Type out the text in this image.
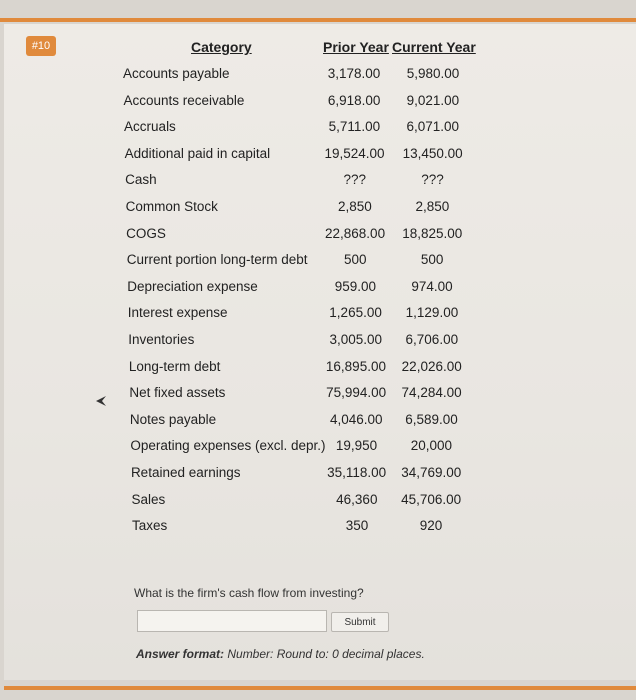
#10	Category	Prior Year Current Year
Accounts payable	3,178.00	5,980.00
Accounts receivable	6,918.00	9,021.00
Accruals	5,711.00	6,071.00
Additional paid in capital	19,524.00	13,450.00
Cash	???	???
Common Stock	2,850	2,850
COGS	22,868.00	18,825.00
Current portion long-term debt	500	500
Depreciation expense	959.00	974.00
Interest expense	1,265.00	1,129.00
Inventories	3,005.00	6,706.00
Long-term debt	16,895.00	22,026.00
Net fixed assets	75,994.00	74,284.00
Notes payable	4,046.00	6,589.00
Operating expenses (excl. depr.) 19,950	20,000
Retained earnings	35,118.00	34,769.00
Sales	46,360	45,706.00
Taxes	350	920
What is the firm's cash flow from investing?
Submit
Answer format: Number: Round to: 0 decimal places.
